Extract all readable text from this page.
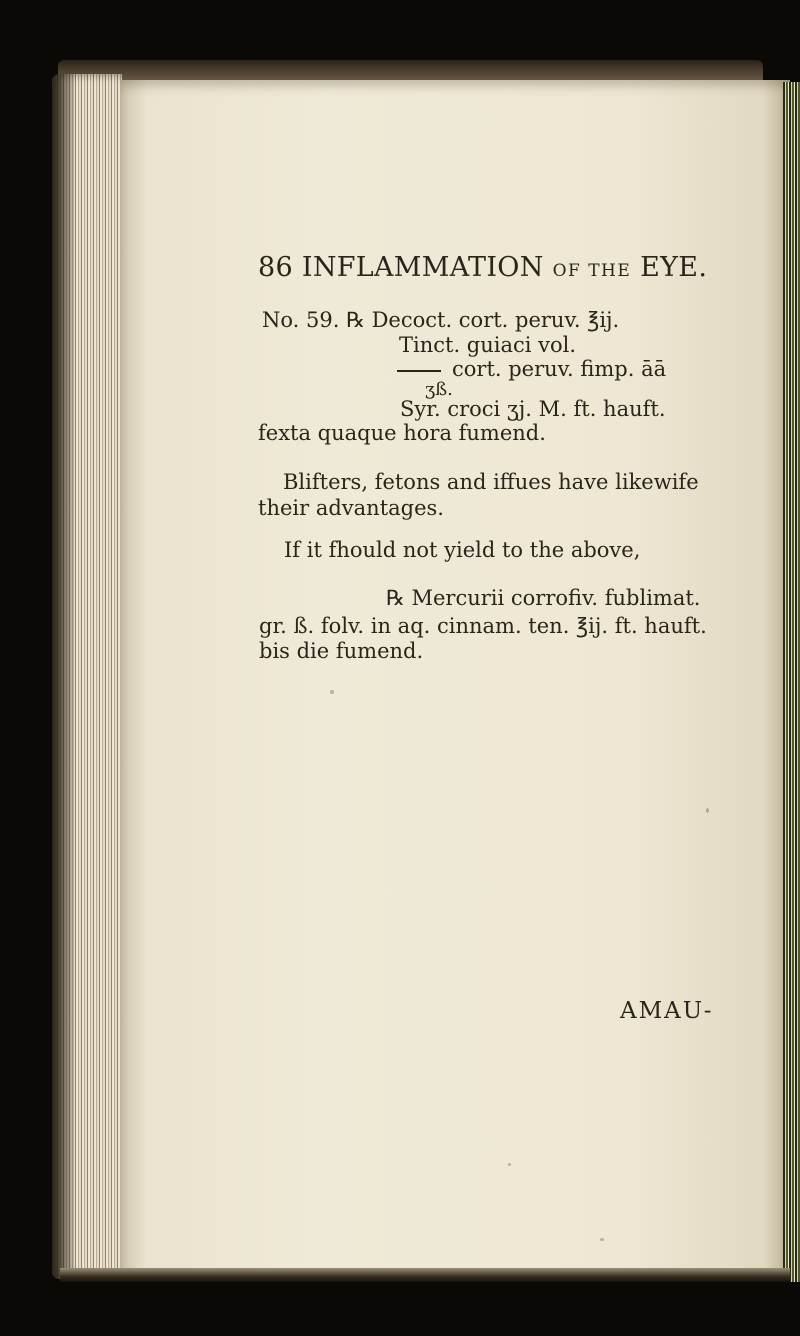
86 INFLAMMATION OF THE EYE.
No. 59. ℞ Decoct. cort. peruv. ℥ij.
Tinct. guiaci vol.
cort. peruv. fimp. āā
ʒß.
Syr. croci ʒj. M. ft. hauft.
fexta quaque hora fumend.
Blifters, fetons and iffues have likewife
their advantages.
If it fhould not yield to the above,
℞ Mercurii corrofiv. fublimat.
gr. ß. folv. in aq. cinnam. ten. ℥ij. ft. hauft.
bis die fumend.
AMAU-
